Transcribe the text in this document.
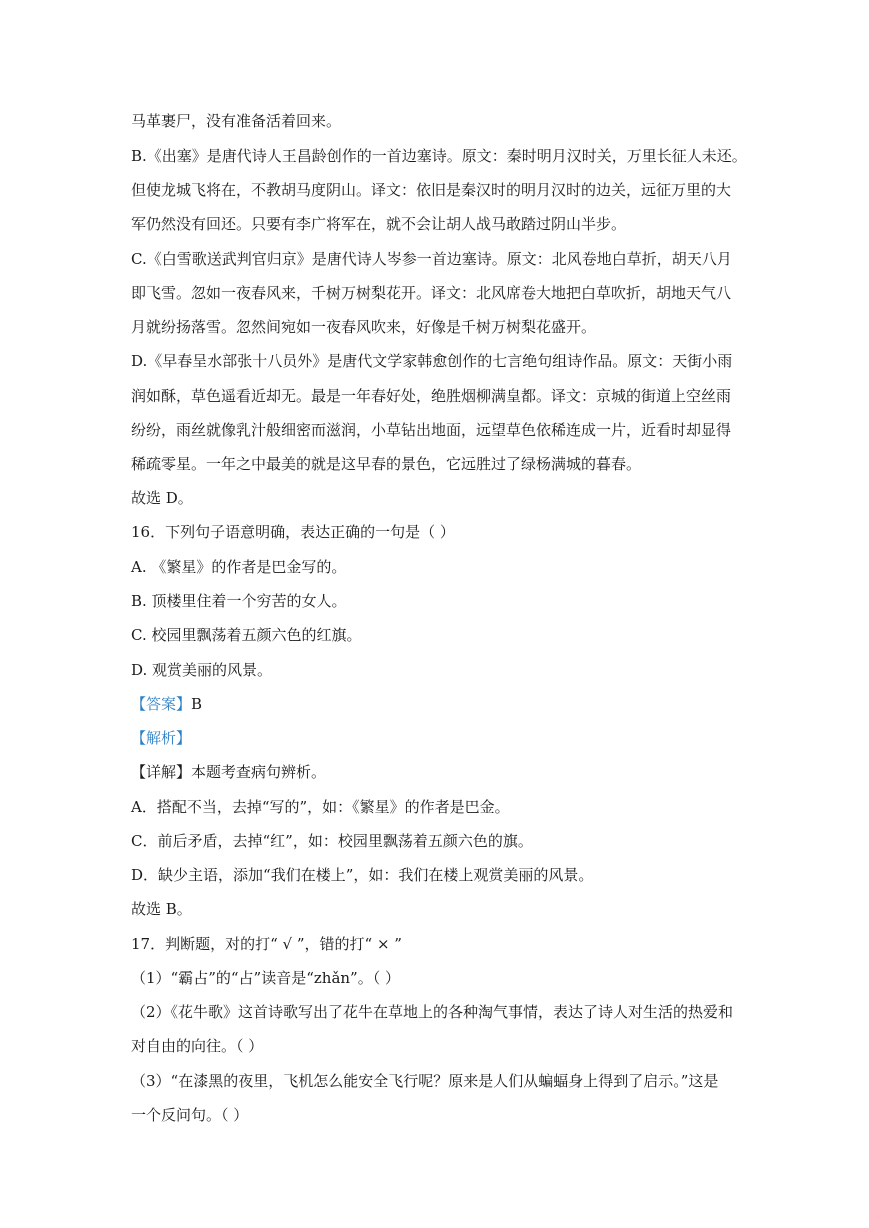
马革裹尸，没有准备活着回来。
B.《出塞》是唐代诗人王昌龄创作的一首边塞诗。原文：秦时明月汉时关，万里长征人未还。
但使龙城飞将在，不教胡马度阴山。译文：依旧是秦汉时的明月汉时的边关，远征万里的大
军仍然没有回还。只要有李广将军在，就不会让胡人战马敢踏过阴山半步。
C.《白雪歌送武判官归京》是唐代诗人岑参一首边塞诗。原文：北风卷地白草折，胡天八月
即飞雪。忽如一夜春风来，千树万树梨花开。译文：北风席卷大地把白草吹折，胡地天气八
月就纷扬落雪。忽然间宛如一夜春风吹来，好像是千树万树梨花盛开。
D.《早春呈水部张十八员外》是唐代文学家韩愈创作的七言绝句组诗作品。原文：天街小雨
润如酥，草色遥看近却无。最是一年春好处，绝胜烟柳满皇都。译文：京城的街道上空丝雨
纷纷，雨丝就像乳汁般细密而滋润，小草钻出地面，远望草色依稀连成一片，近看时却显得
稀疏零星。一年之中最美的就是这早春的景色，它远胜过了绿杨满城的暮春。
故选 D。
16．下列句子语意明确，表达正确的一句是（ ）
A. 《繁星》的作者是巴金写的。
B. 顶楼里住着一个穷苦的女人。
C. 校园里飘荡着五颜六色的红旗。
D. 观赏美丽的风景。
【答案】B
【解析】
【详解】本题考查病句辨析。
A．搭配不当，去掉“写的”，如：《繁星》的作者是巴金。
C．前后矛盾，去掉“红”，如：校园里飘荡着五颜六色的旗。
D．缺少主语，添加“我们在楼上”，如：我们在楼上观赏美丽的风景。
故选 B。
17．判断题，对的打“ √ ”，错的打“ × ”
（1）“霸占”的“占”读音是“zhǎn”。（ ）
（2）《花牛歌》这首诗歌写出了花牛在草地上的各种淘气事情，表达了诗人对生活的热爱和
对自由的向往。（ ）
（3）“在漆黑的夜里，飞机怎么能安全飞行呢？原来是人们从蝙蝠身上得到了启示。”这是
一个反问句。（ ）
